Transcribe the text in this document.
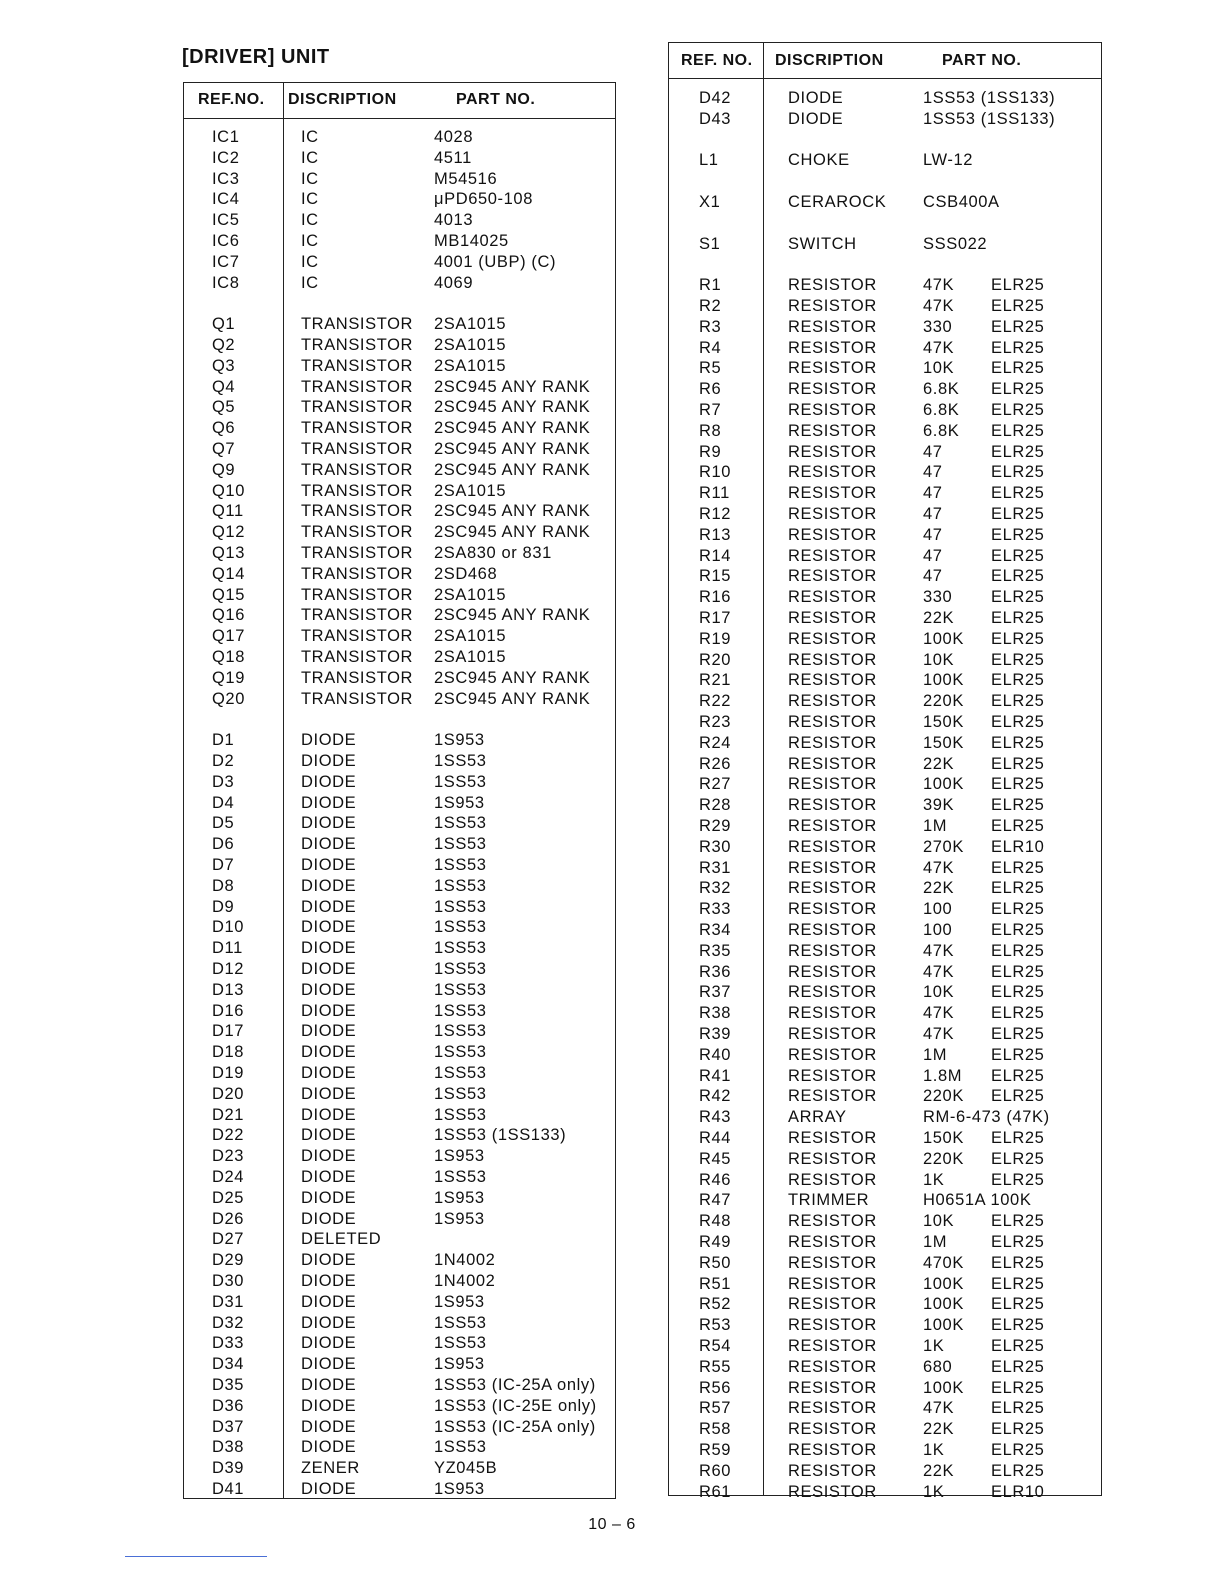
[DRIVER] UNIT
REF.NO. DISCRIPTION	PART NO.
IC1	IC	4028
IC2	IC	4511
IC3	IC	M54516
IC4	IC	μPD650-108
IC5	IC	4013
IC6	IC	MB14025
IC7	IC	4001 (UBP) (C)
IC8	IC	4069
Q1	TRANSISTOR 2SA1015
Q2	TRANSISTOR 2SA1015
Q3	TRANSISTOR 2SA1015
Q4	TRANSISTOR 2SC945 ANY RANK
Q5	TRANSISTOR 2SC945 ANY RANK
Q6	TRANSISTOR 2SC945 ANY RANK
Q7	TRANSISTOR 2SC945 ANY RANK
Q9	TRANSISTOR 2SC945 ANY RANK
Q10	TRANSISTOR 2SA1015
Q11	TRANSISTOR 2SC945 ANY RANK
Q12	TRANSISTOR 2SC945 ANY RANK
Q13	TRANSISTOR 2SA830 or 831
Q14	TRANSISTOR 2SD468
Q15	TRANSISTOR 2SA1015
Q16	TRANSISTOR 2SC945 ANY RANK
Q17	TRANSISTOR 2SA1015
Q18	TRANSISTOR 2SA1015
Q19	TRANSISTOR 2SC945 ANY RANK
Q20	TRANSISTOR 2SC945 ANY RANK
D1	DIODE	1S953
D2	DIODE	1SS53
D3	DIODE	1SS53
D4	DIODE	1S953
D5	DIODE	1SS53
D6	DIODE	1SS53
D7	DIODE	1SS53
D8	DIODE	1SS53
D9	DIODE	1SS53
D10	DIODE	1SS53
D11	DIODE	1SS53
D12	DIODE	1SS53
D13	DIODE	1SS53
D16	DIODE	1SS53
D17	DIODE	1SS53
D18	DIODE	1SS53
D19	DIODE	1SS53
D20	DIODE	1SS53
D21	DIODE	1SS53
D22	DIODE	1SS53 (1SS133)
D23	DIODE	1S953
D24	DIODE	1SS53
D25	DIODE	1S953
D26	DIODE	1S953
D27	DELETED
D29	DIODE	1N4002
D30	DIODE	1N4002
D31	DIODE	1S953
D32	DIODE	1SS53
D33	DIODE	1SS53
D34	DIODE	1S953
D35	DIODE	1SS53 (IC-25A only)
D36	DIODE	1SS53 (IC-25E only)
D37	DIODE	1SS53 (IC-25A only)
D38	DIODE	1SS53
D39	ZENER	YZ045B
D41	DIODE	1S953
REF. NO. DISCRIPTION	PART NO.
D42	DIODE	1SS53 (1SS133)
D43	DIODE	1SS53 (1SS133)
L1	CHOKE	LW-12
X1	CERAROCK CSB400A
S1	SWITCH	SSS022
R1	RESISTOR	47K ELR25
R2	RESISTOR	47K ELR25
R3	RESISTOR	330 ELR25
R4	RESISTOR	47K ELR25
R5	RESISTOR	10K ELR25
R6	RESISTOR	6.8K ELR25
R7	RESISTOR	6.8K ELR25
R8	RESISTOR	6.8K ELR25
R9	RESISTOR	47	ELR25
R10	RESISTOR	47	ELR25
R11	RESISTOR	47	ELR25
R12	RESISTOR	47	ELR25
R13	RESISTOR	47	ELR25
R14	RESISTOR	47	ELR25
R15	RESISTOR	47	ELR25
R16	RESISTOR	330 ELR25
R17	RESISTOR	22K ELR25
R19	RESISTOR	100K ELR25
R20	RESISTOR	10K ELR25
R21	RESISTOR	100K ELR25
R22	RESISTOR	220K ELR25
R23	RESISTOR	150K ELR25
R24	RESISTOR	150K ELR25
R26	RESISTOR	22K ELR25
R27	RESISTOR	100K ELR25
R28	RESISTOR	39K ELR25
R29	RESISTOR	1M	ELR25
R30	RESISTOR	270K ELR10
R31	RESISTOR	47K ELR25
R32	RESISTOR	22K ELR25
R33	RESISTOR	100 ELR25
R34	RESISTOR	100 ELR25
R35	RESISTOR	47K ELR25
R36	RESISTOR	47K ELR25
R37	RESISTOR	10K ELR25
R38	RESISTOR	47K ELR25
R39	RESISTOR	47K ELR25
R40	RESISTOR	1M	ELR25
R41	RESISTOR	1.8M ELR25
R42	RESISTOR	220K ELR25
R43	ARRAY	RM-6-473 (47K)
R44	RESISTOR	150K ELR25
R45	RESISTOR	220K ELR25
R46	RESISTOR	1K	ELR25
R47	TRIMMER	H0651A 100K
R48	RESISTOR	10K ELR25
R49	RESISTOR	1M	ELR25
R50	RESISTOR	470K ELR25
R51	RESISTOR	100K ELR25
R52	RESISTOR	100K ELR25
R53	RESISTOR	100K ELR25
R54	RESISTOR	1K	ELR25
R55	RESISTOR	680 ELR25
R56	RESISTOR	100K ELR25
R57	RESISTOR	47K ELR25
R58	RESISTOR	22K ELR25
R59	RESISTOR	1K	ELR25
R60	RESISTOR	22K ELR25
R61	RESISTOR	1K	ELR10
10 – 6
